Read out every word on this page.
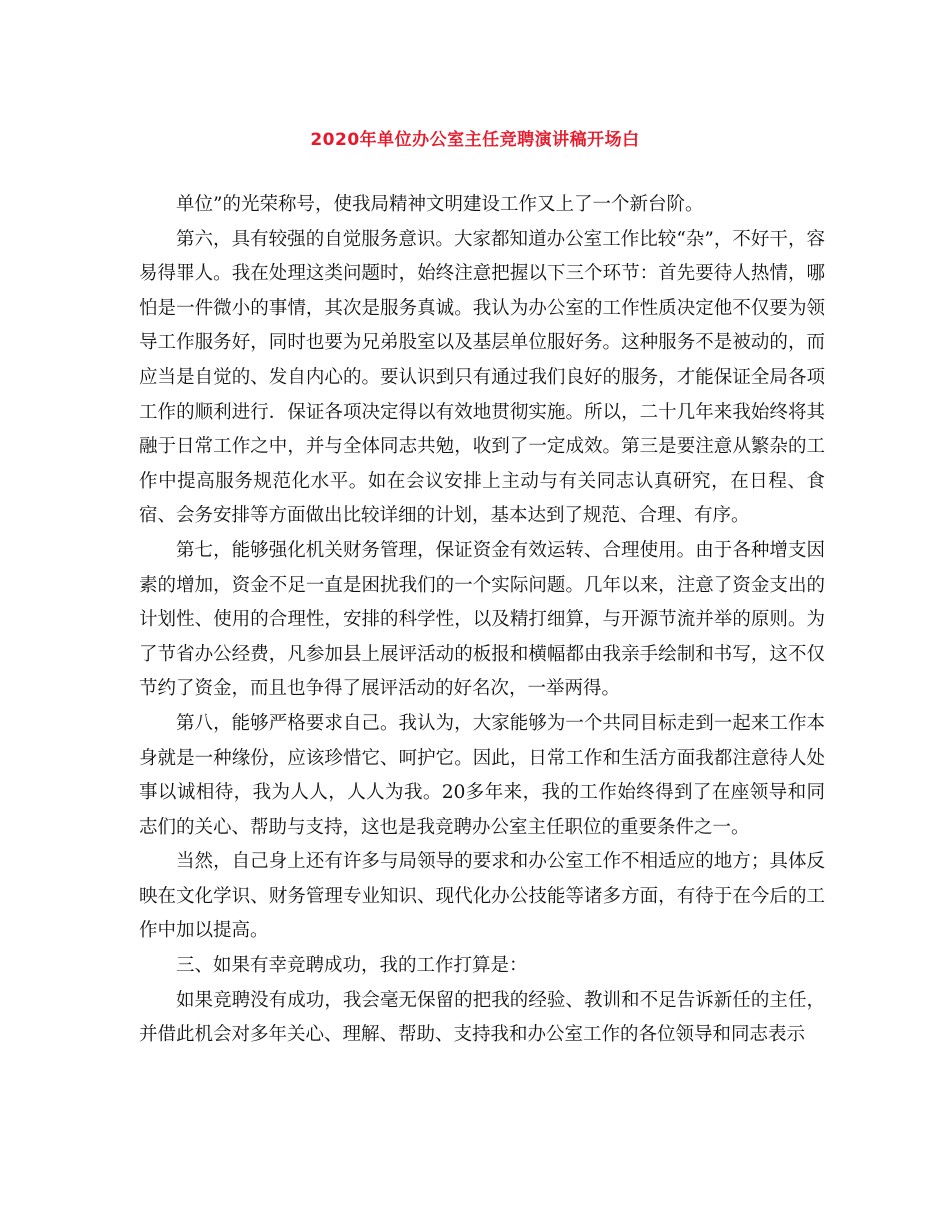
2020年单位办公室主任竞聘演讲稿开场白

单位”的光荣称号，使我局精神文明建设工作又上了一个新台阶。

第六，具有较强的自觉服务意识。大家都知道办公室工作比较“杂”，不好干，容易得罪人。我在处理这类问题时，始终注意把握以下三个环节：首先要待人热情，哪怕是一件微小的事情，其次是服务真诚。我认为办公室的工作性质决定他不仅要为领导工作服务好，同时也要为兄弟股室以及基层单位服好务。这种服务不是被动的，而应当是自觉的、发自内心的。要认识到只有通过我们良好的服务，才能保证全局各项工作的顺利进行．保证各项决定得以有效地贯彻实施。所以，二十几年来我始终将其融于日常工作之中，并与全体同志共勉，收到了一定成效。第三是要注意从繁杂的工作中提高服务规范化水平。如在会议安排上主动与有关同志认真研究，在日程、食宿、会务安排等方面做出比较详细的计划，基本达到了规范、合理、有序。

第七，能够强化机关财务管理，保证资金有效运转、合理使用。由于各种增支因素的增加，资金不足一直是困扰我们的一个实际问题。几年以来，注意了资金支出的计划性、使用的合理性，安排的科学性，以及精打细算，与开源节流并举的原则。为了节省办公经费，凡参加县上展评活动的板报和横幅都由我亲手绘制和书写，这不仅节约了资金，而且也争得了展评活动的好名次，一举两得。

第八，能够严格要求自己。我认为，大家能够为一个共同目标走到一起来工作本身就是一种缘份，应该珍惜它、呵护它。因此，日常工作和生活方面我都注意待人处事以诚相待，我为人人，人人为我。20多年来，我的工作始终得到了在座领导和同志们的关心、帮助与支持，这也是我竞聘办公室主任职位的重要条件之一。

当然，自己身上还有许多与局领导的要求和办公室工作不相适应的地方；具体反映在文化学识、财务管理专业知识、现代化办公技能等诸多方面，有待于在今后的工作中加以提高。

三、如果有幸竞聘成功，我的工作打算是：

如果竞聘没有成功，我会毫无保留的把我的经验、教训和不足告诉新任的主任，并借此机会对多年关心、理解、帮助、支持我和办公室工作的各位领导和同志表示
